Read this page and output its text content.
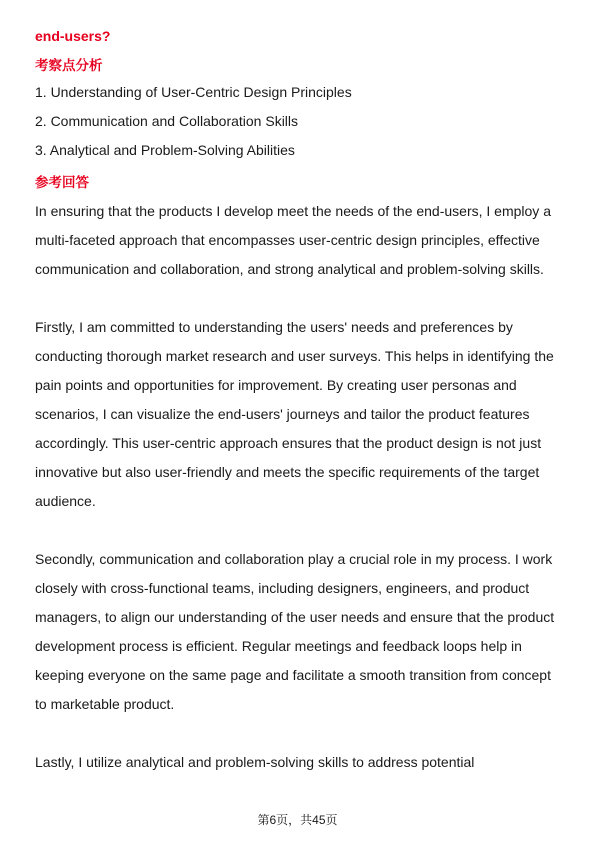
end-users?
考察点分析
1. Understanding of User-Centric Design Principles
2. Communication and Collaboration Skills
3. Analytical and Problem-Solving Abilities
参考回答

In ensuring that the products I develop meet the needs of the end-users, I employ a multi-faceted approach that encompasses user-centric design principles, effective communication and collaboration, and strong analytical and problem-solving skills.

Firstly, I am committed to understanding the users' needs and preferences by conducting thorough market research and user surveys. This helps in identifying the pain points and opportunities for improvement. By creating user personas and scenarios, I can visualize the end-users' journeys and tailor the product features accordingly. This user-centric approach ensures that the product design is not just innovative but also user-friendly and meets the specific requirements of the target audience.

Secondly, communication and collaboration play a crucial role in my process. I work closely with cross-functional teams, including designers, engineers, and product managers, to align our understanding of the user needs and ensure that the product development process is efficient. Regular meetings and feedback loops help in keeping everyone on the same page and facilitate a smooth transition from concept to marketable product.

Lastly, I utilize analytical and problem-solving skills to address potential

第6页，共45页
